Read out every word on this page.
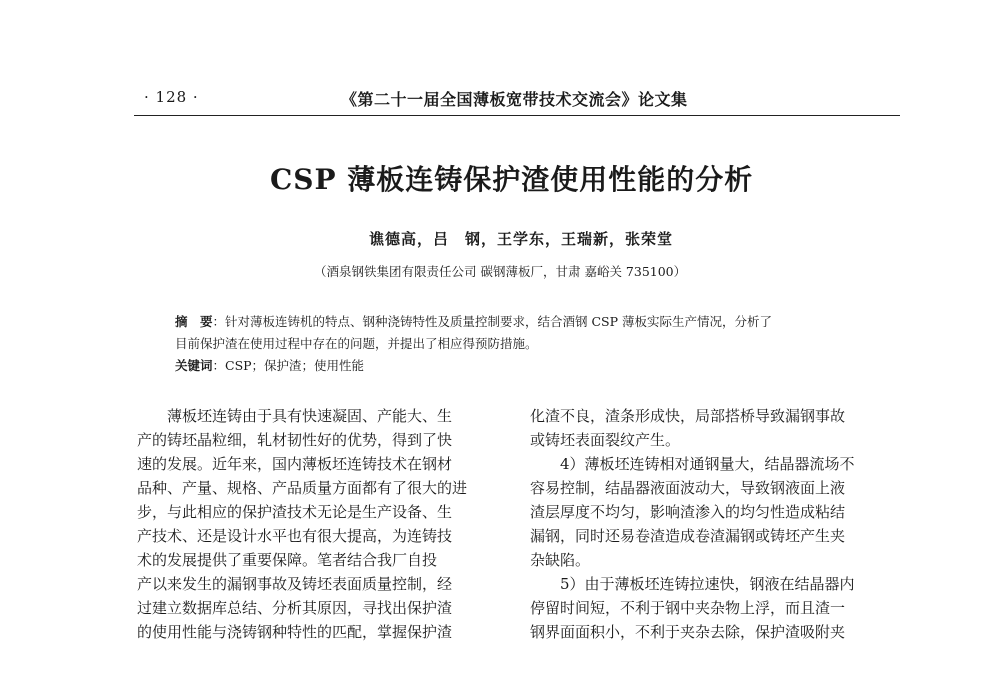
· 128 ·	《第二十一届全国薄板宽带技术交流会》论文集
CSP 薄板连铸保护渣使用性能的分析
谯德高，吕　钢，王学东，王瑞新，张荣堂
（酒泉钢铁集团有限责任公司 碳钢薄板厂，甘肃 嘉峪关 735100）
摘　要：针对薄板连铸机的特点、钢种浇铸特性及质量控制要求，结合酒钢 CSP 薄板实际生产情况，分析了
目前保护渣在使用过程中存在的问题，并提出了相应得预防措施。
关键词：CSP；保护渣；使用性能
薄板坯连铸由于具有快速凝固、产能大、生
产的铸坯晶粒细，轧材韧性好的优势，得到了快
速的发展。近年来，国内薄板坯连铸技术在钢材
品种、产量、规格、产品质量方面都有了很大的进
步，与此相应的保护渣技术无论是生产设备、生
产技术、还是设计水平也有很大提高，为连铸技
术的发展提供了重要保障。笔者结合我厂自投
产以来发生的漏钢事故及铸坯表面质量控制，经
过建立数据库总结、分析其原因，寻找出保护渣
的使用性能与浇铸钢种特性的匹配，掌握保护渣
化渣不良，渣条形成快，局部搭桥导致漏钢事故
或铸坯表面裂纹产生。
4）薄板坯连铸相对通钢量大，结晶器流场不
容易控制，结晶器液面波动大，导致钢液面上液
渣层厚度不均匀，影响渣渗入的均匀性造成粘结
漏钢，同时还易卷渣造成卷渣漏钢或铸坯产生夹
杂缺陷。
5）由于薄板坯连铸拉速快，钢液在结晶器内
停留时间短，不利于钢中夹杂物上浮，而且渣一
钢界面面积小，不利于夹杂去除，保护渣吸附夹
